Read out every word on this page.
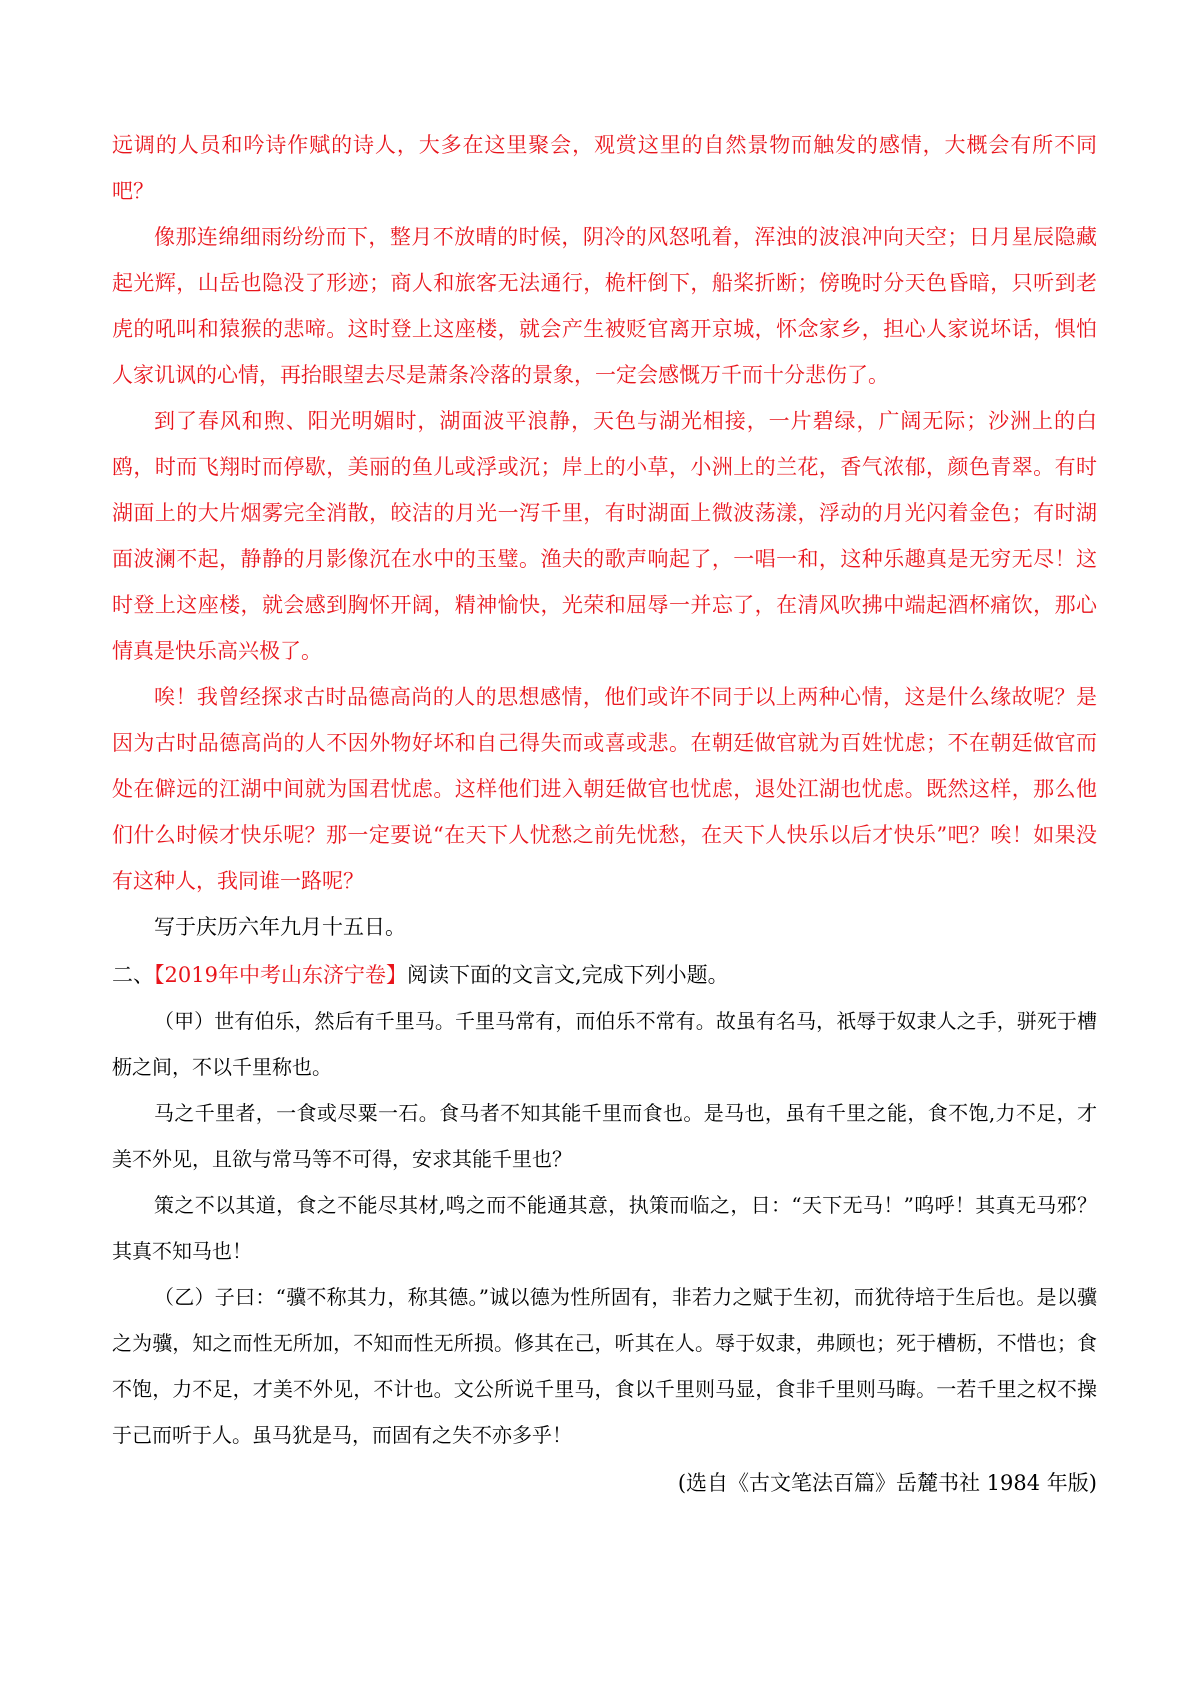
远调的人员和吟诗作赋的诗人，大多在这里聚会，观赏这里的自然景物而触发的感情，大概会有所不同吧？

像那连绵细雨纷纷而下，整月不放晴的时候，阴冷的风怒吼着，浑浊的波浪冲向天空；日月星辰隐藏起光辉，山岳也隐没了形迹；商人和旅客无法通行，桅杆倒下，船桨折断；傍晚时分天色昏暗，只听到老虎的吼叫和猿猴的悲啼。这时登上这座楼，就会产生被贬官离开京城，怀念家乡，担心人家说坏话，惧怕人家讥讽的心情，再抬眼望去尽是萧条冷落的景象，一定会感慨万千而十分悲伤了。

到了春风和煦、阳光明媚时，湖面波平浪静，天色与湖光相接，一片碧绿，广阔无际；沙洲上的白鸥，时而飞翔时而停歇，美丽的鱼儿或浮或沉；岸上的小草，小洲上的兰花，香气浓郁，颜色青翠。有时湖面上的大片烟雾完全消散，皎洁的月光一泻千里，有时湖面上微波荡漾，浮动的月光闪着金色；有时湖面波澜不起，静静的月影像沉在水中的玉璧。渔夫的歌声响起了，一唱一和，这种乐趣真是无穷无尽！这时登上这座楼，就会感到胸怀开阔，精神愉快，光荣和屈辱一并忘了，在清风吹拂中端起酒杯痛饮，那心情真是快乐高兴极了。

唉！我曾经探求古时品德高尚的人的思想感情，他们或许不同于以上两种心情，这是什么缘故呢？是因为古时品德高尚的人不因外物好坏和自己得失而或喜或悲。在朝廷做官就为百姓忧虑；不在朝廷做官而处在僻远的江湖中间就为国君忧虑。这样他们进入朝廷做官也忧虑，退处江湖也忧虑。既然这样，那么他们什么时候才快乐呢？那一定要说“在天下人忧愁之前先忧愁，在天下人快乐以后才快乐”吧？唉！如果没有这种人，我同谁一路呢？

写于庆历六年九月十五日。

二、【2019年中考山东济宁卷】阅读下面的文言文,完成下列小题。

（甲）世有伯乐，然后有千里马。千里马常有，而伯乐不常有。故虽有名马，祇辱于奴隶人之手，骈死于槽枥之间，不以千里称也。

马之千里者，一食或尽粟一石。食马者不知其能千里而食也。是马也，虽有千里之能，食不饱,力不足，才美不外见，且欲与常马等不可得，安求其能千里也？

策之不以其道，食之不能尽其材,鸣之而不能通其意，执策而临之，日：“天下无马！”呜呼！其真无马邪？其真不知马也！

（乙）子曰：“骥不称其力，称其德。”诚以德为性所固有，非若力之赋于生初，而犹待培于生后也。是以骥之为骥，知之而性无所加，不知而性无所损。修其在己，听其在人。辱于奴隶，弗顾也；死于槽枥，不惜也；食不饱，力不足，才美不外见，不计也。文公所说千里马，食以千里则马显，食非千里则马晦。一若千里之权不操于己而听于人。虽马犹是马，而固有之失不亦多乎！

(选自《古文笔法百篇》岳麓书社 1984 年版)
